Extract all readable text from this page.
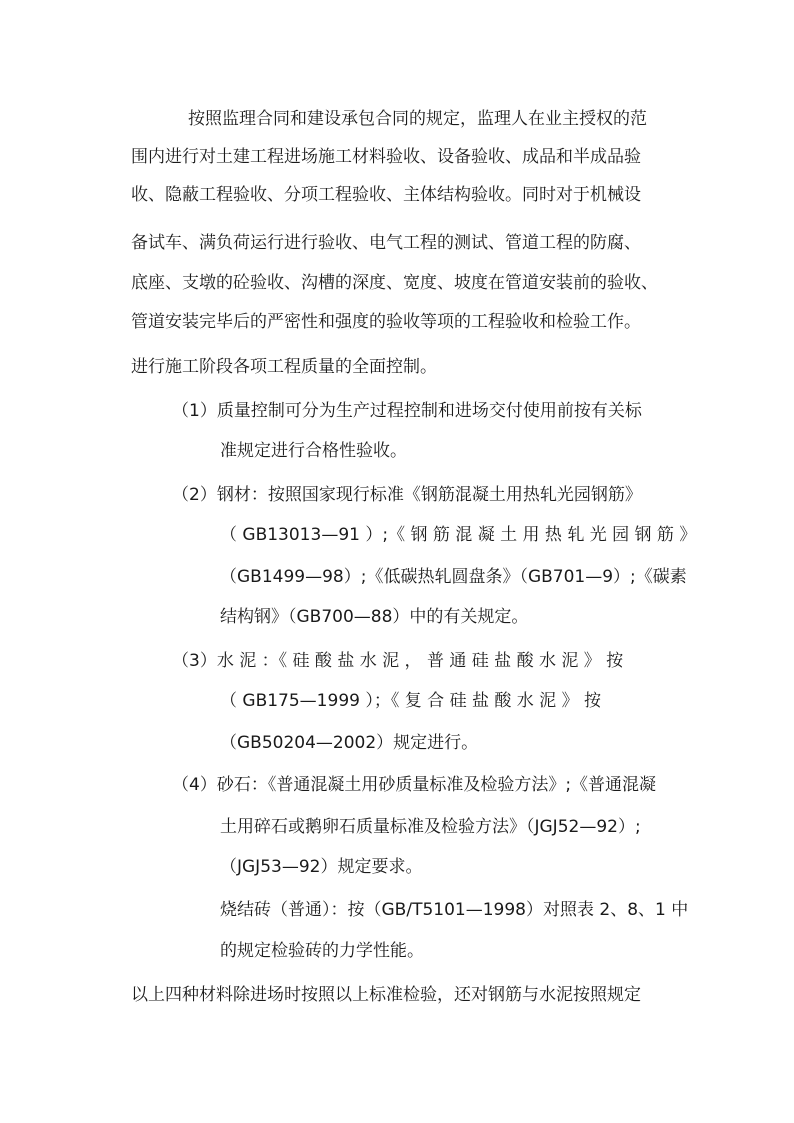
按照监理合同和建设承包合同的规定，监理人在业主授权的范
围内进行对土建工程进场施工材料验收、设备验收、成品和半成品验
收、隐蔽工程验收、分项工程验收、主体结构验收。同时对于机械设
备试车、满负荷运行进行验收、电气工程的测试、管道工程的防腐、
底座、支墩的砼验收、沟槽的深度、宽度、坡度在管道安装前的验收、
管道安装完毕后的严密性和强度的验收等项的工程验收和检验工作。
进行施工阶段各项工程质量的全面控制。
（1）质量控制可分为生产过程控制和进场交付使用前按有关标
准规定进行合格性验收。
（2）钢材：按照国家现行标准《钢筋混凝土用热轧光园钢筋》
（ GB13013—91 ）;《 钢 筋 混 凝 土 用 热 轧 光 园 钢 筋 》
（GB1499—98）;《低碳热轧圆盘条》（GB701—9）;《碳素
结构钢》（GB700—88）中的有关规定。
（3）水 泥 ：《 硅 酸 盐 水 泥 ， 普 通 硅 盐 酸 水 泥 》 按
（ GB175—1999 ）；《 复 合 硅 盐 酸 水 泥 》 按
（GB50204—2002）规定进行。
（4）砂石：《普通混凝土用砂质量标准及检验方法》;《普通混凝
土用碎石或鹅卵石质量标准及检验方法》（JGJ52—92）;
（JGJ53—92）规定要求。
烧结砖（普通）：按（GB/T5101—1998）对照表 2、8、1 中
的规定检验砖的力学性能。
以上四种材料除进场时按照以上标准检验，还对钢筋与水泥按照规定
